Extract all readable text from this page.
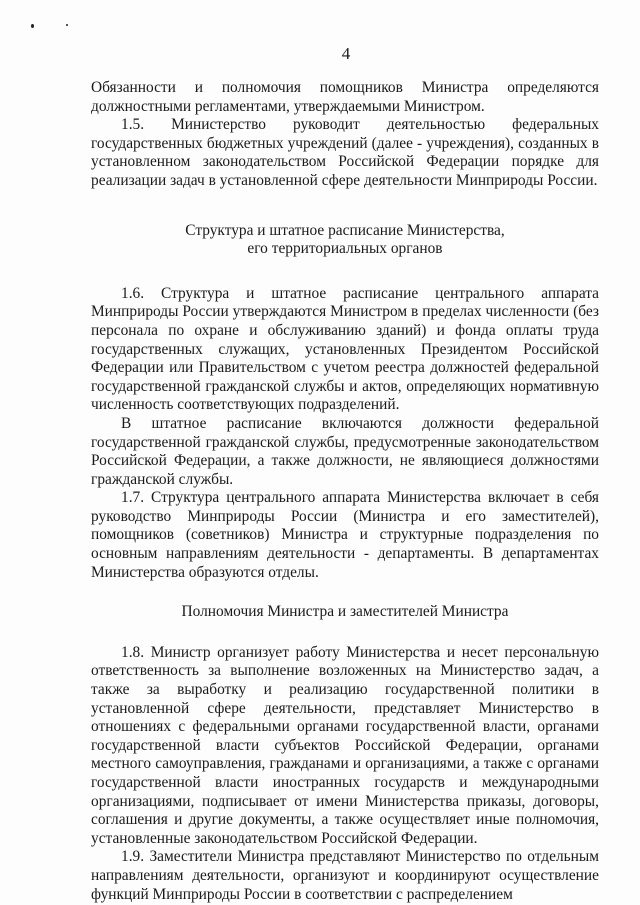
4

Обязанности и полномочия помощников Министра определяются должностными регламентами, утверждаемыми Министром.

1.5. Министерство руководит деятельностью федеральных государственных бюджетных учреждений (далее - учреждения), созданных в установленном законодательством Российской Федерации порядке для реализации задач в установленной сфере деятельности Минприроды России.

Структура и штатное расписание Министерства,

его территориальных органов

1.6. Структура и штатное расписание центрального аппарата Минприроды России утверждаются Министром в пределах численности (без персонала по охране и обслуживанию зданий) и фонда оплаты труда государственных служащих, установленных Президентом Российской Федерации или Правительством с учетом реестра должностей федеральной государственной гражданской службы и актов, определяющих нормативную численность соответствующих подразделений.

В штатное расписание включаются должности федеральной государственной гражданской службы, предусмотренные законодательством Российской Федерации, а также должности, не являющиеся должностями гражданской службы.

1.7. Структура центрального аппарата Министерства включает в себя руководство Минприроды России (Министра и его заместителей), помощников (советников) Министра и структурные подразделения по основным направлениям деятельности - департаменты. В департаментах Министерства образуются отделы.

Полномочия Министра и заместителей Министра

1.8. Министр организует работу Министерства и несет персональную ответственность за выполнение возложенных на Министерство задач, а также за выработку и реализацию государственной политики в установленной сфере деятельности, представляет Министерство в отношениях с федеральными органами государственной власти, органами государственной власти субъектов Российской Федерации, органами местного самоуправления, гражданами и организациями, а также с органами государственной власти иностранных государств и международными организациями, подписывает от имени Министерства приказы, договоры, соглашения и другие документы, а также осуществляет иные полномочия, установленные законодательством Российской Федерации.

1.9. Заместители Министра представляют Министерство по отдельным направлениям деятельности, организуют и координируют осуществление функций Минприроды России в соответствии с распределением
